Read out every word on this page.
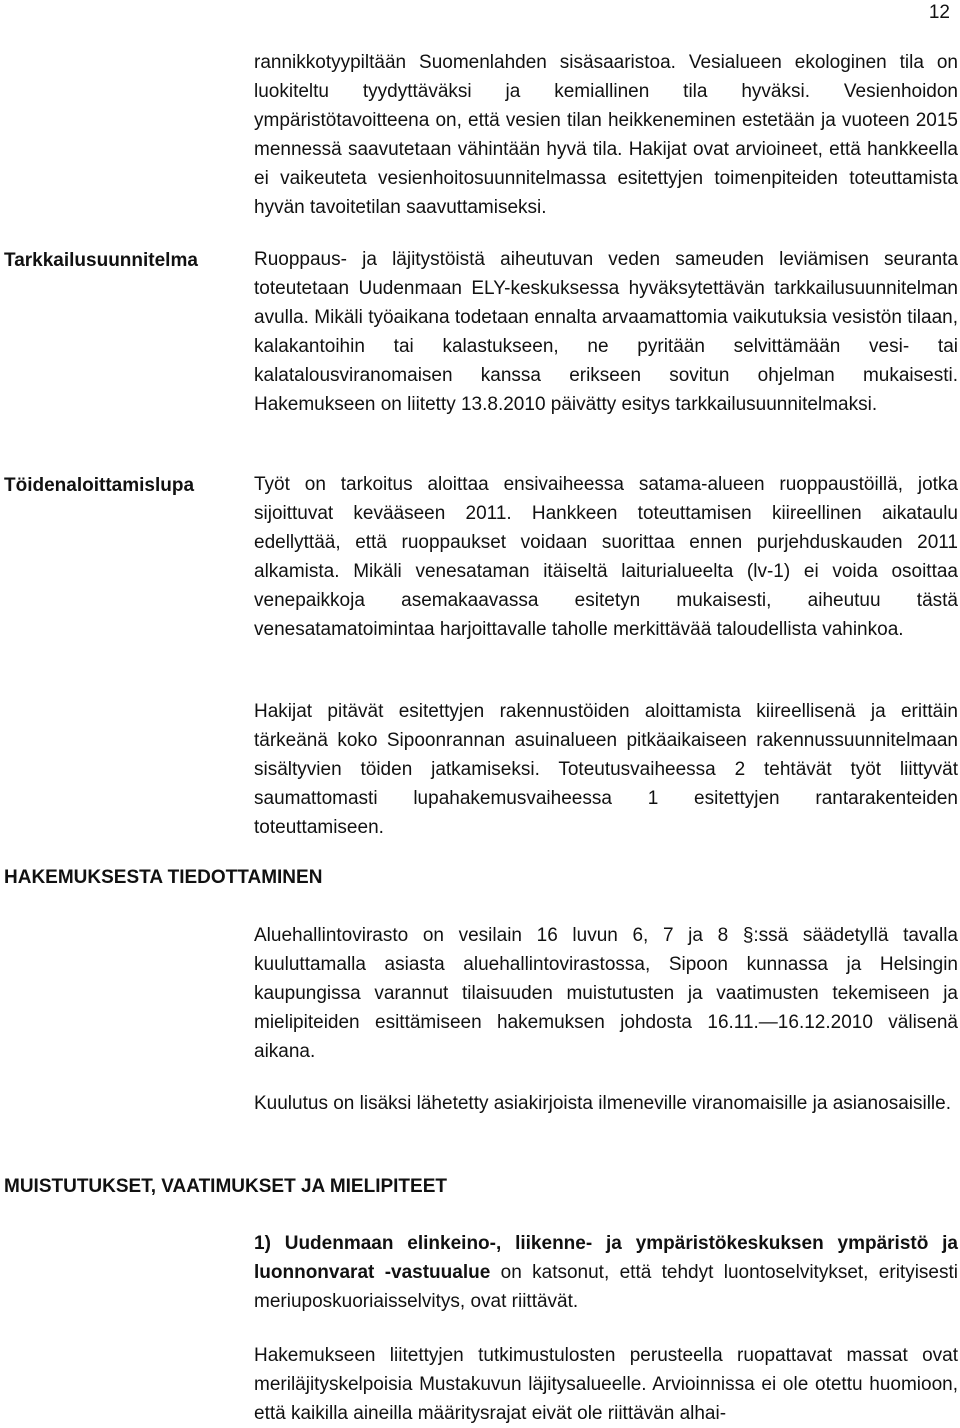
12

rannikkotyypiltään Suomenlahden sisäsaaristoa. Vesialueen ekologinen tila on luokiteltu tyydyttäväksi ja kemiallinen tila hyväksi. Vesienhoidon ympäristötavoitteena on, että vesien tilan heikkeneminen estetään ja vuoteen 2015 mennessä saavutetaan vähintään hyvä tila. Hakijat ovat arvioineet, että hankkeella ei vaikeuteta vesienhoitosuunnitelmassa esitettyjen toimenpiteiden toteuttamista hyvän tavoitetilan saavuttamiseksi.

Tarkkailusuunnitelma	Ruoppaus- ja läjitystöistä aiheutuvan veden sameuden leviämisen seuranta toteutetaan Uudenmaan ELY-keskuksessa hyväksytettävän tarkkailusuunnitelman avulla. Mikäli työaikana todetaan ennalta arvaamattomia vaikutuksia vesistön tilaan, kalakantoihin tai kalastukseen, ne pyritään selvittämään vesi- tai kalatalousviranomaisen kanssa erikseen sovitun ohjelman mukaisesti. Hakemukseen on liitetty 13.8.2010 päivätty esitys tarkkailusuunnitelmaksi.

Töidenaloittamislupa	Työt on tarkoitus aloittaa ensivaiheessa satama-alueen ruoppaustöillä, jotka sijoittuvat kevääseen 2011. Hankkeen toteuttamisen kiireellinen aikataulu edellyttää, että ruoppaukset voidaan suorittaa ennen purjehduskauden 2011 alkamista. Mikäli venesataman itäiseltä laiturialueelta (lv-1) ei voida osoittaa venepaikkoja asemakaavassa esitetyn mukaisesti, aiheutuu tästä venesatamatoimintaa harjoittavalle taholle merkittävää taloudellista vahinkoa.

Hakijat pitävät esitettyjen rakennustöiden aloittamista kiireellisenä ja erittäin tärkeänä koko Sipoonrannan asuinalueen pitkäaikaiseen rakennussuunnitelmaan sisältyvien töiden jatkamiseksi. Toteutusvaiheessa 2 tehtävät työt liittyvät saumattomasti lupahakemusvaiheessa 1 esitettyjen rantarakenteiden toteuttamiseen.

HAKEMUKSESTA TIEDOTTAMINEN

Aluehallintovirasto on vesilain 16 luvun 6, 7 ja 8 §:ssä säädetyllä tavalla kuuluttamalla asiasta aluehallintovirastossa, Sipoon kunnassa ja Helsingin kaupungissa varannut tilaisuuden muistutusten ja vaatimusten tekemiseen ja mielipiteiden esittämiseen hakemuksen johdosta 16.11.—16.12.2010 välisenä aikana.

Kuulutus on lisäksi lähetetty asiakirjoista ilmeneville viranomaisille ja asianosaisille.

MUISTUTUKSET, VAATIMUKSET JA MIELIPITEET

1) Uudenmaan elinkeino-, liikenne- ja ympäristökeskuksen ympäristö ja luonnonvarat -vastuualue on katsonut, että tehdyt luontoselvitykset, erityisesti meriuposkuoriaisselvitys, ovat riittävät.

Hakemukseen liitettyjen tutkimustulosten perusteella ruopattavat massat ovat meriläjityskelpoisia Mustakuvun läjitysalueelle. Arvioinnissa ei ole otettu huomioon, että kaikilla aineilla määritysrajat eivät ole riittävän alhai-
